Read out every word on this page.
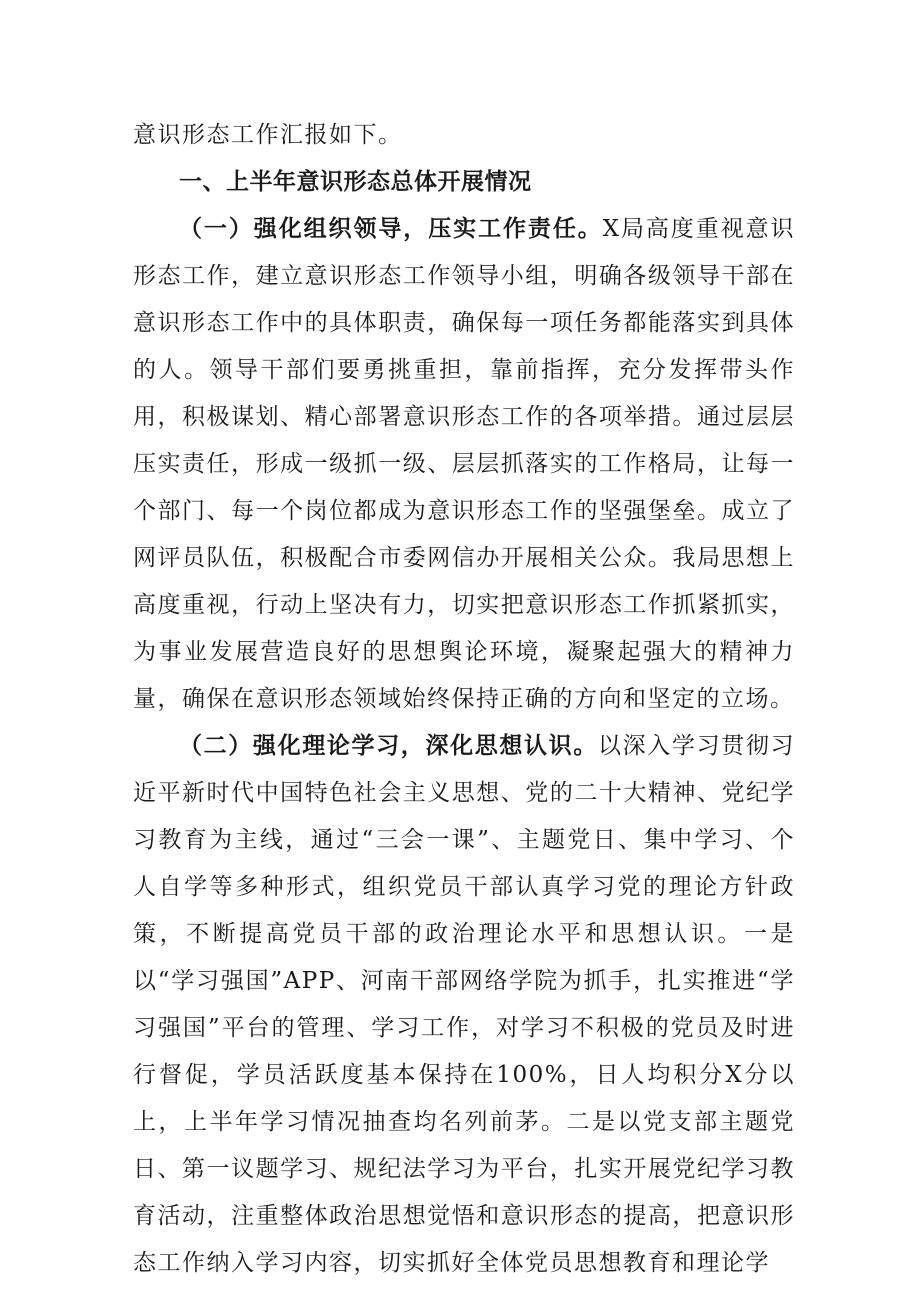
意识形态工作汇报如下。

一、上半年意识形态总体开展情况

（一）强化组织领导，压实工作责任。X局高度重视意识形态工作，建立意识形态工作领导小组，明确各级领导干部在意识形态工作中的具体职责，确保每一项任务都能落实到具体的人。领导干部们要勇挑重担，靠前指挥，充分发挥带头作用，积极谋划、精心部署意识形态工作的各项举措。通过层层压实责任，形成一级抓一级、层层抓落实的工作格局，让每一个部门、每一个岗位都成为意识形态工作的坚强堡垒。成立了网评员队伍，积极配合市委网信办开展相关公众。我局思想上高度重视，行动上坚决有力，切实把意识形态工作抓紧抓实，为事业发展营造良好的思想舆论环境，凝聚起强大的精神力量，确保在意识形态领域始终保持正确的方向和坚定的立场。

（二）强化理论学习，深化思想认识。以深入学习贯彻习近平新时代中国特色社会主义思想、党的二十大精神、党纪学习教育为主线，通过“三会一课”、主题党日、集中学习、个人自学等多种形式，组织党员干部认真学习党的理论方针政策，不断提高党员干部的政治理论水平和思想认识。一是以“学习强国”APP、河南干部网络学院为抓手，扎实推进“学习强国”平台的管理、学习工作，对学习不积极的党员及时进行督促，学员活跃度基本保持在100%，日人均积分X分以上，上半年学习情况抽查均名列前茅。二是以党支部主题党日、第一议题学习、规纪法学习为平台，扎实开展党纪学习教育活动，注重整体政治思想觉悟和意识形态的提高，把意识形态工作纳入学习内容，切实抓好全体党员思想教育和理论学
